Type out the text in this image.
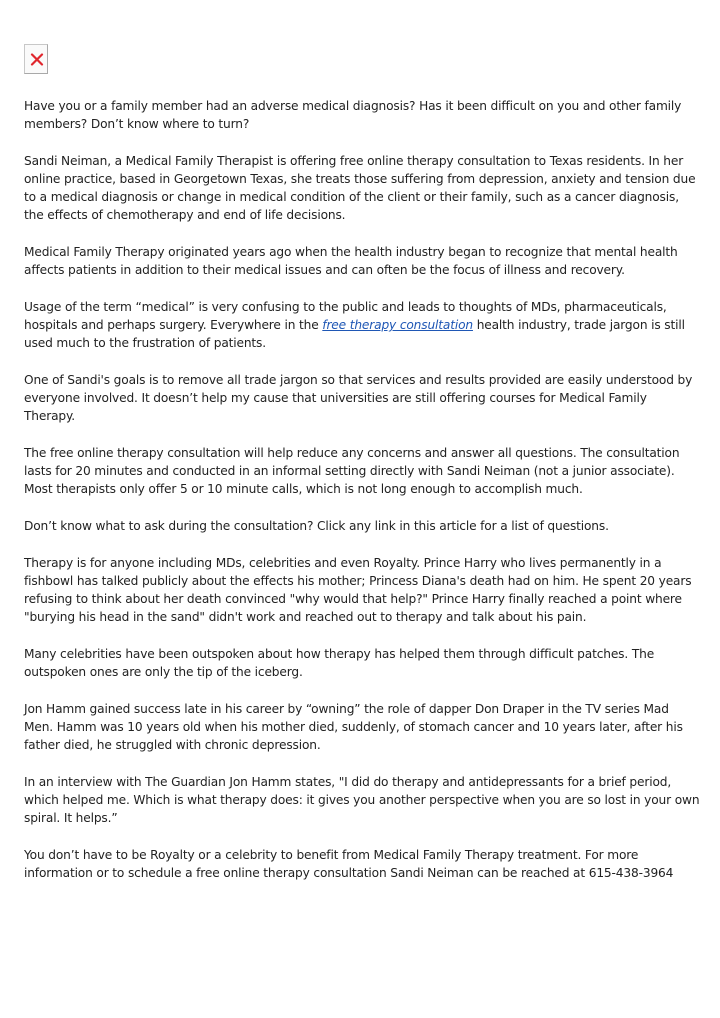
Have you or a family member had an adverse medical diagnosis? Has it been difficult on you and other family members? Don’t know where to turn?

Sandi Neiman, a Medical Family Therapist is offering free online therapy consultation to Texas residents. In her online practice, based in Georgetown Texas, she treats those suffering from depression, anxiety and tension due to a medical diagnosis or change in medical condition of the client or their family, such as a cancer diagnosis, the effects of chemotherapy and end of life decisions.

Medical Family Therapy originated years ago when the health industry began to recognize that mental health affects patients in addition to their medical issues and can often be the focus of illness and recovery.

Usage of the term “medical” is very confusing to the public and leads to thoughts of MDs, pharmaceuticals, hospitals and perhaps surgery. Everywhere in the free therapy consultation health industry, trade jargon is still used much to the frustration of patients.

One of Sandi's goals is to remove all trade jargon so that services and results provided are easily understood by everyone involved. It doesn’t help my cause that universities are still offering courses for Medical Family Therapy.

The free online therapy consultation will help reduce any concerns and answer all questions. The consultation lasts for 20 minutes and conducted in an informal setting directly with Sandi Neiman (not a junior associate). Most therapists only offer 5 or 10 minute calls, which is not long enough to accomplish much.

Don’t know what to ask during the consultation? Click any link in this article for a list of questions.

Therapy is for anyone including MDs, celebrities and even Royalty. Prince Harry who lives permanently in a fishbowl has talked publicly about the effects his mother; Princess Diana's death had on him. He spent 20 years refusing to think about her death convinced "why would that help?" Prince Harry finally reached a point where "burying his head in the sand" didn't work and reached out to therapy and talk about his pain.

Many celebrities have been outspoken about how therapy has helped them through difficult patches. The outspoken ones are only the tip of the iceberg.

Jon Hamm gained success late in his career by “owning” the role of dapper Don Draper in the TV series Mad Men. Hamm was 10 years old when his mother died, suddenly, of stomach cancer and 10 years later, after his father died, he struggled with chronic depression.

In an interview with The Guardian Jon Hamm states, "I did do therapy and antidepressants for a brief period, which helped me. Which is what therapy does: it gives you another perspective when you are so lost in your own spiral. It helps.”

You don’t have to be Royalty or a celebrity to benefit from Medical Family Therapy treatment. For more information or to schedule a free online therapy consultation Sandi Neiman can be reached at 615-438-3964
